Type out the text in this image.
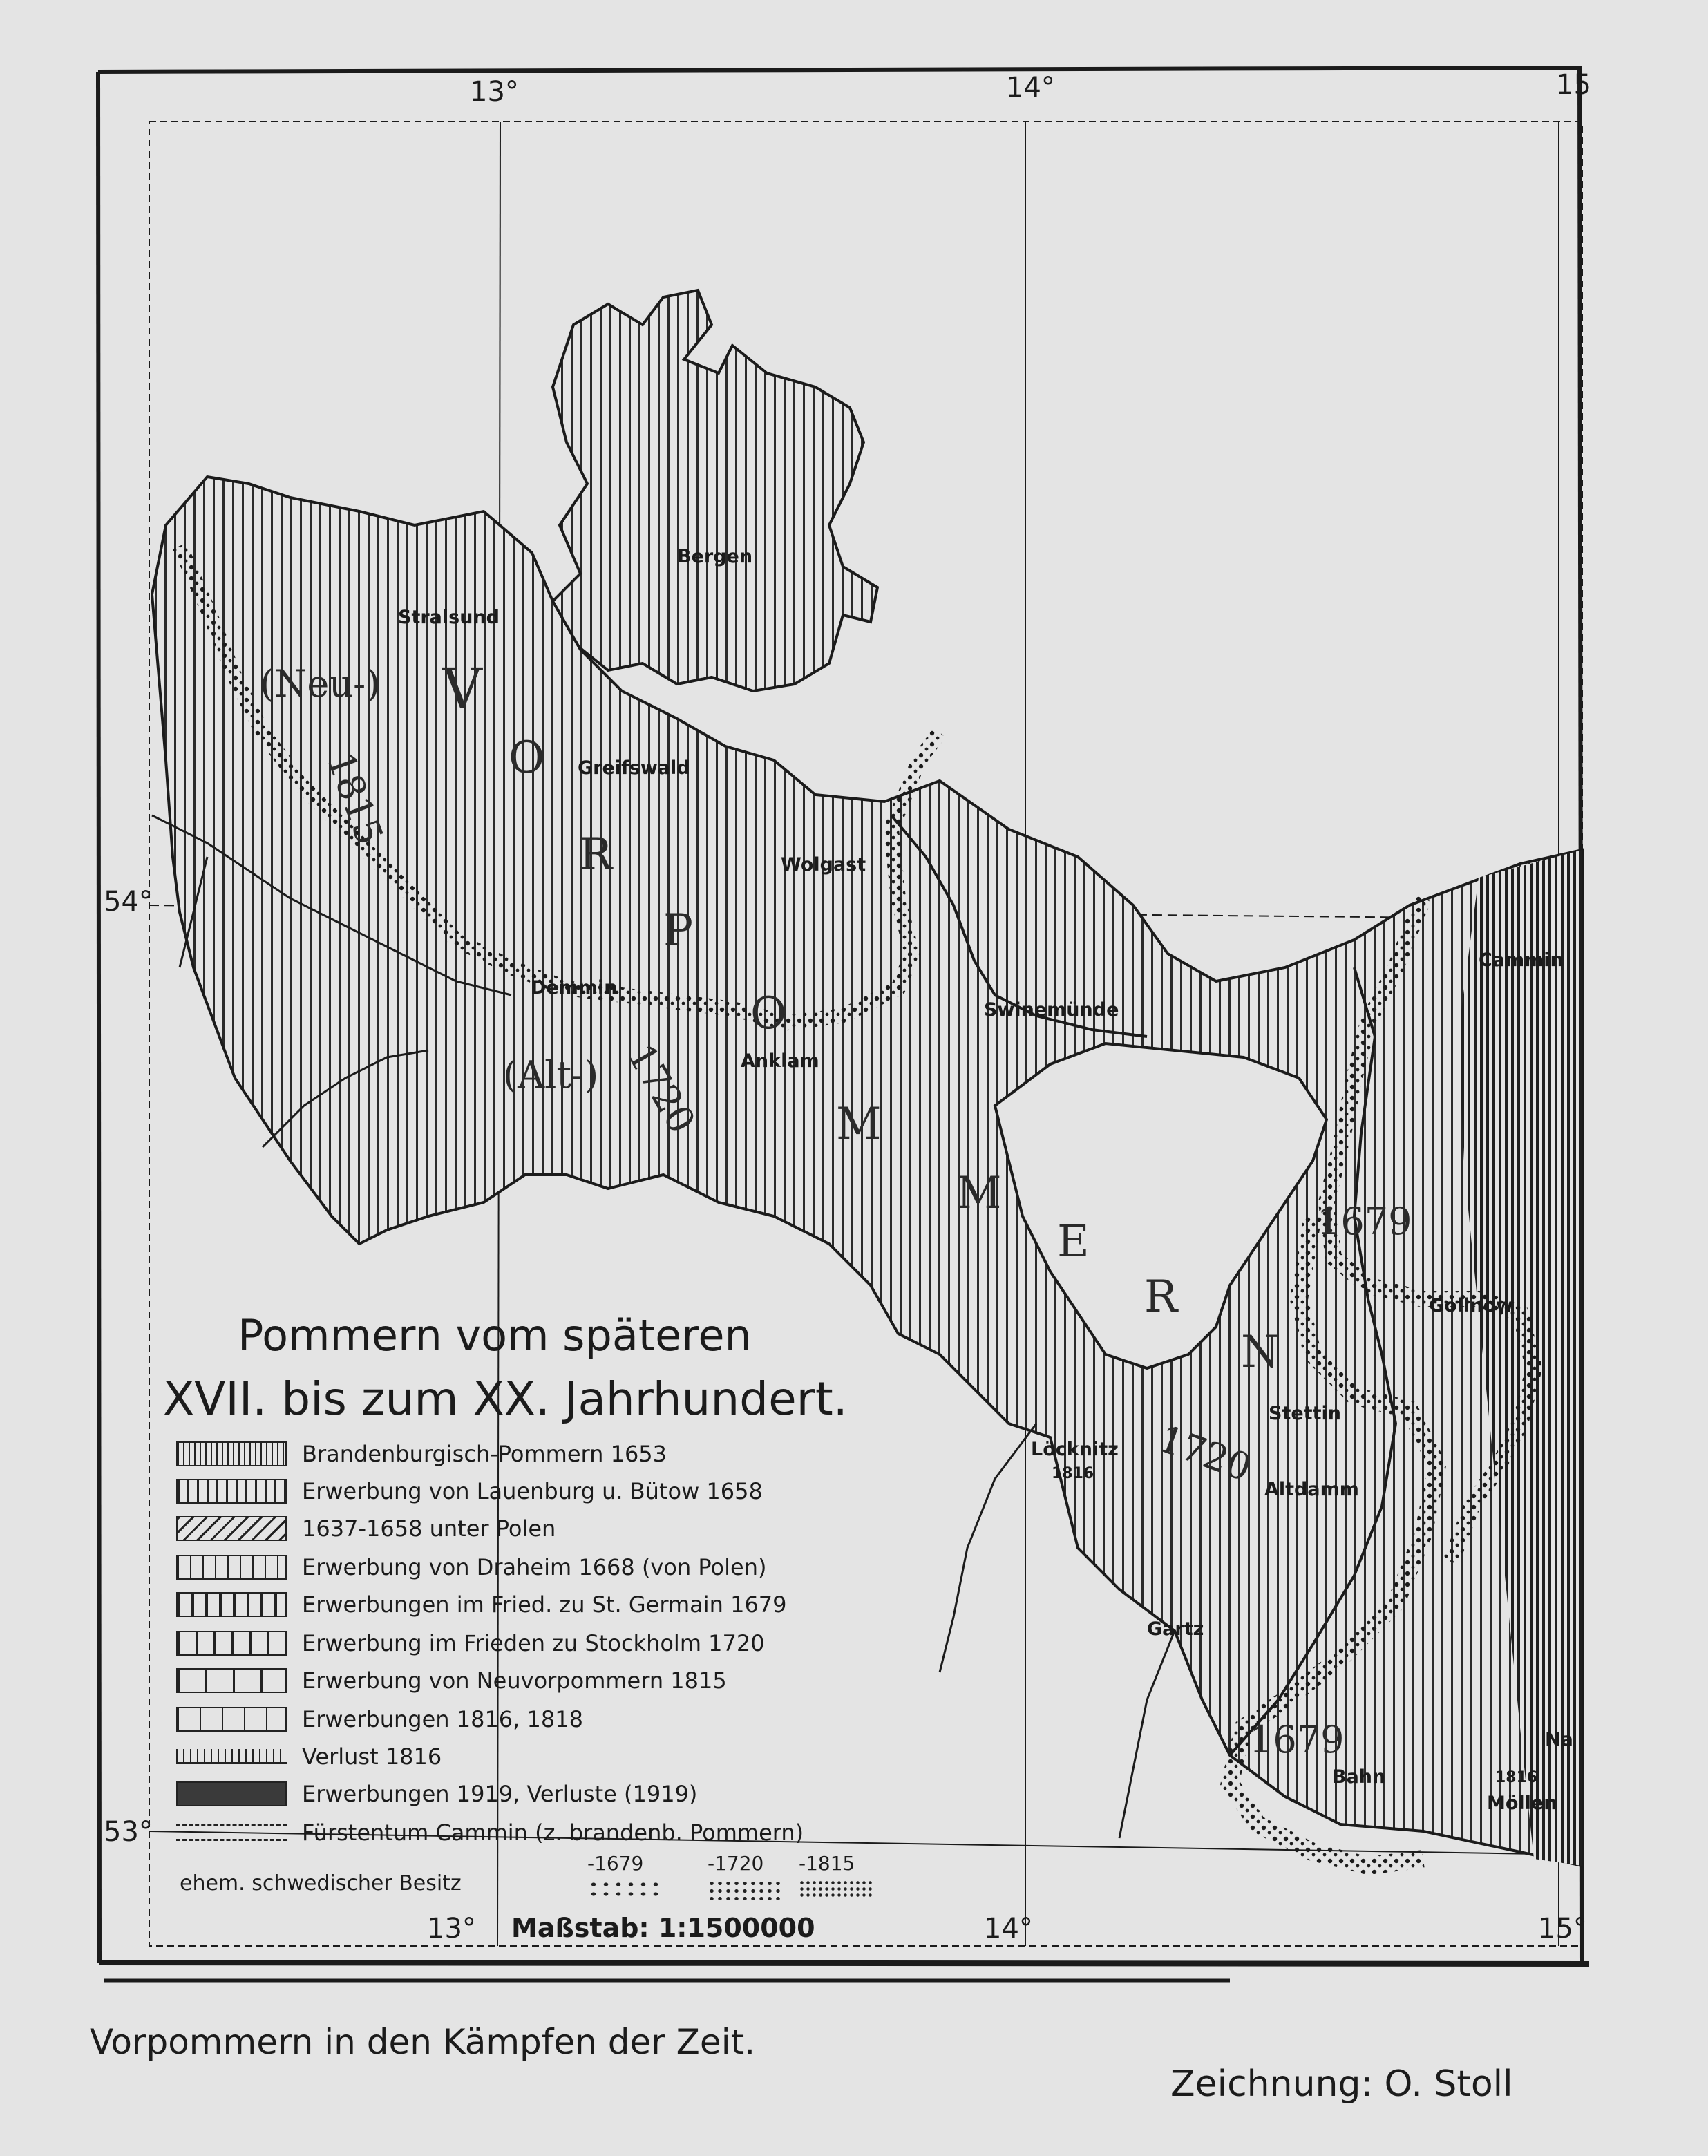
13°	14°	15
54°
53°
13°	14°	15°
Maßstab: 1:1500000
Bergen
Stralsund
Greifswald
Wolgast
Demmin
Anklam
Swinemünde
Cammin
Gollnow
Stettin
Altdamm
Löcknitz
1816
Gartz
Bahn	1816
Möllen
Na
1815
1720
1720
1679
1679
(Neu-)
(Alt-)
V
O
R
P
O
M
M
E
R
N
Pommern vom späteren
XVII. bis zum XX. Jahrhundert.
Brandenburgisch-Pommern 1653
Erwerbung von Lauenburg u. Bütow 1658
1637-1658 unter Polen
Erwerbung von Draheim 1668 (von Polen)
Erwerbungen im Fried. zu St. Germain 1679
Erwerbung im Frieden zu Stockholm 1720
Erwerbung von Neuvorpommern 1815
Erwerbungen 1816, 1818
Verlust 1816
Erwerbungen 1919, Verluste (1919)
Fürstentum Cammin (z. brandenb. Pommern)
ehem. schwedischer Besitz
-1679	-1720 -1815
Vorpommern in den Kämpfen der Zeit.
Zeichnung: O. Stoll
